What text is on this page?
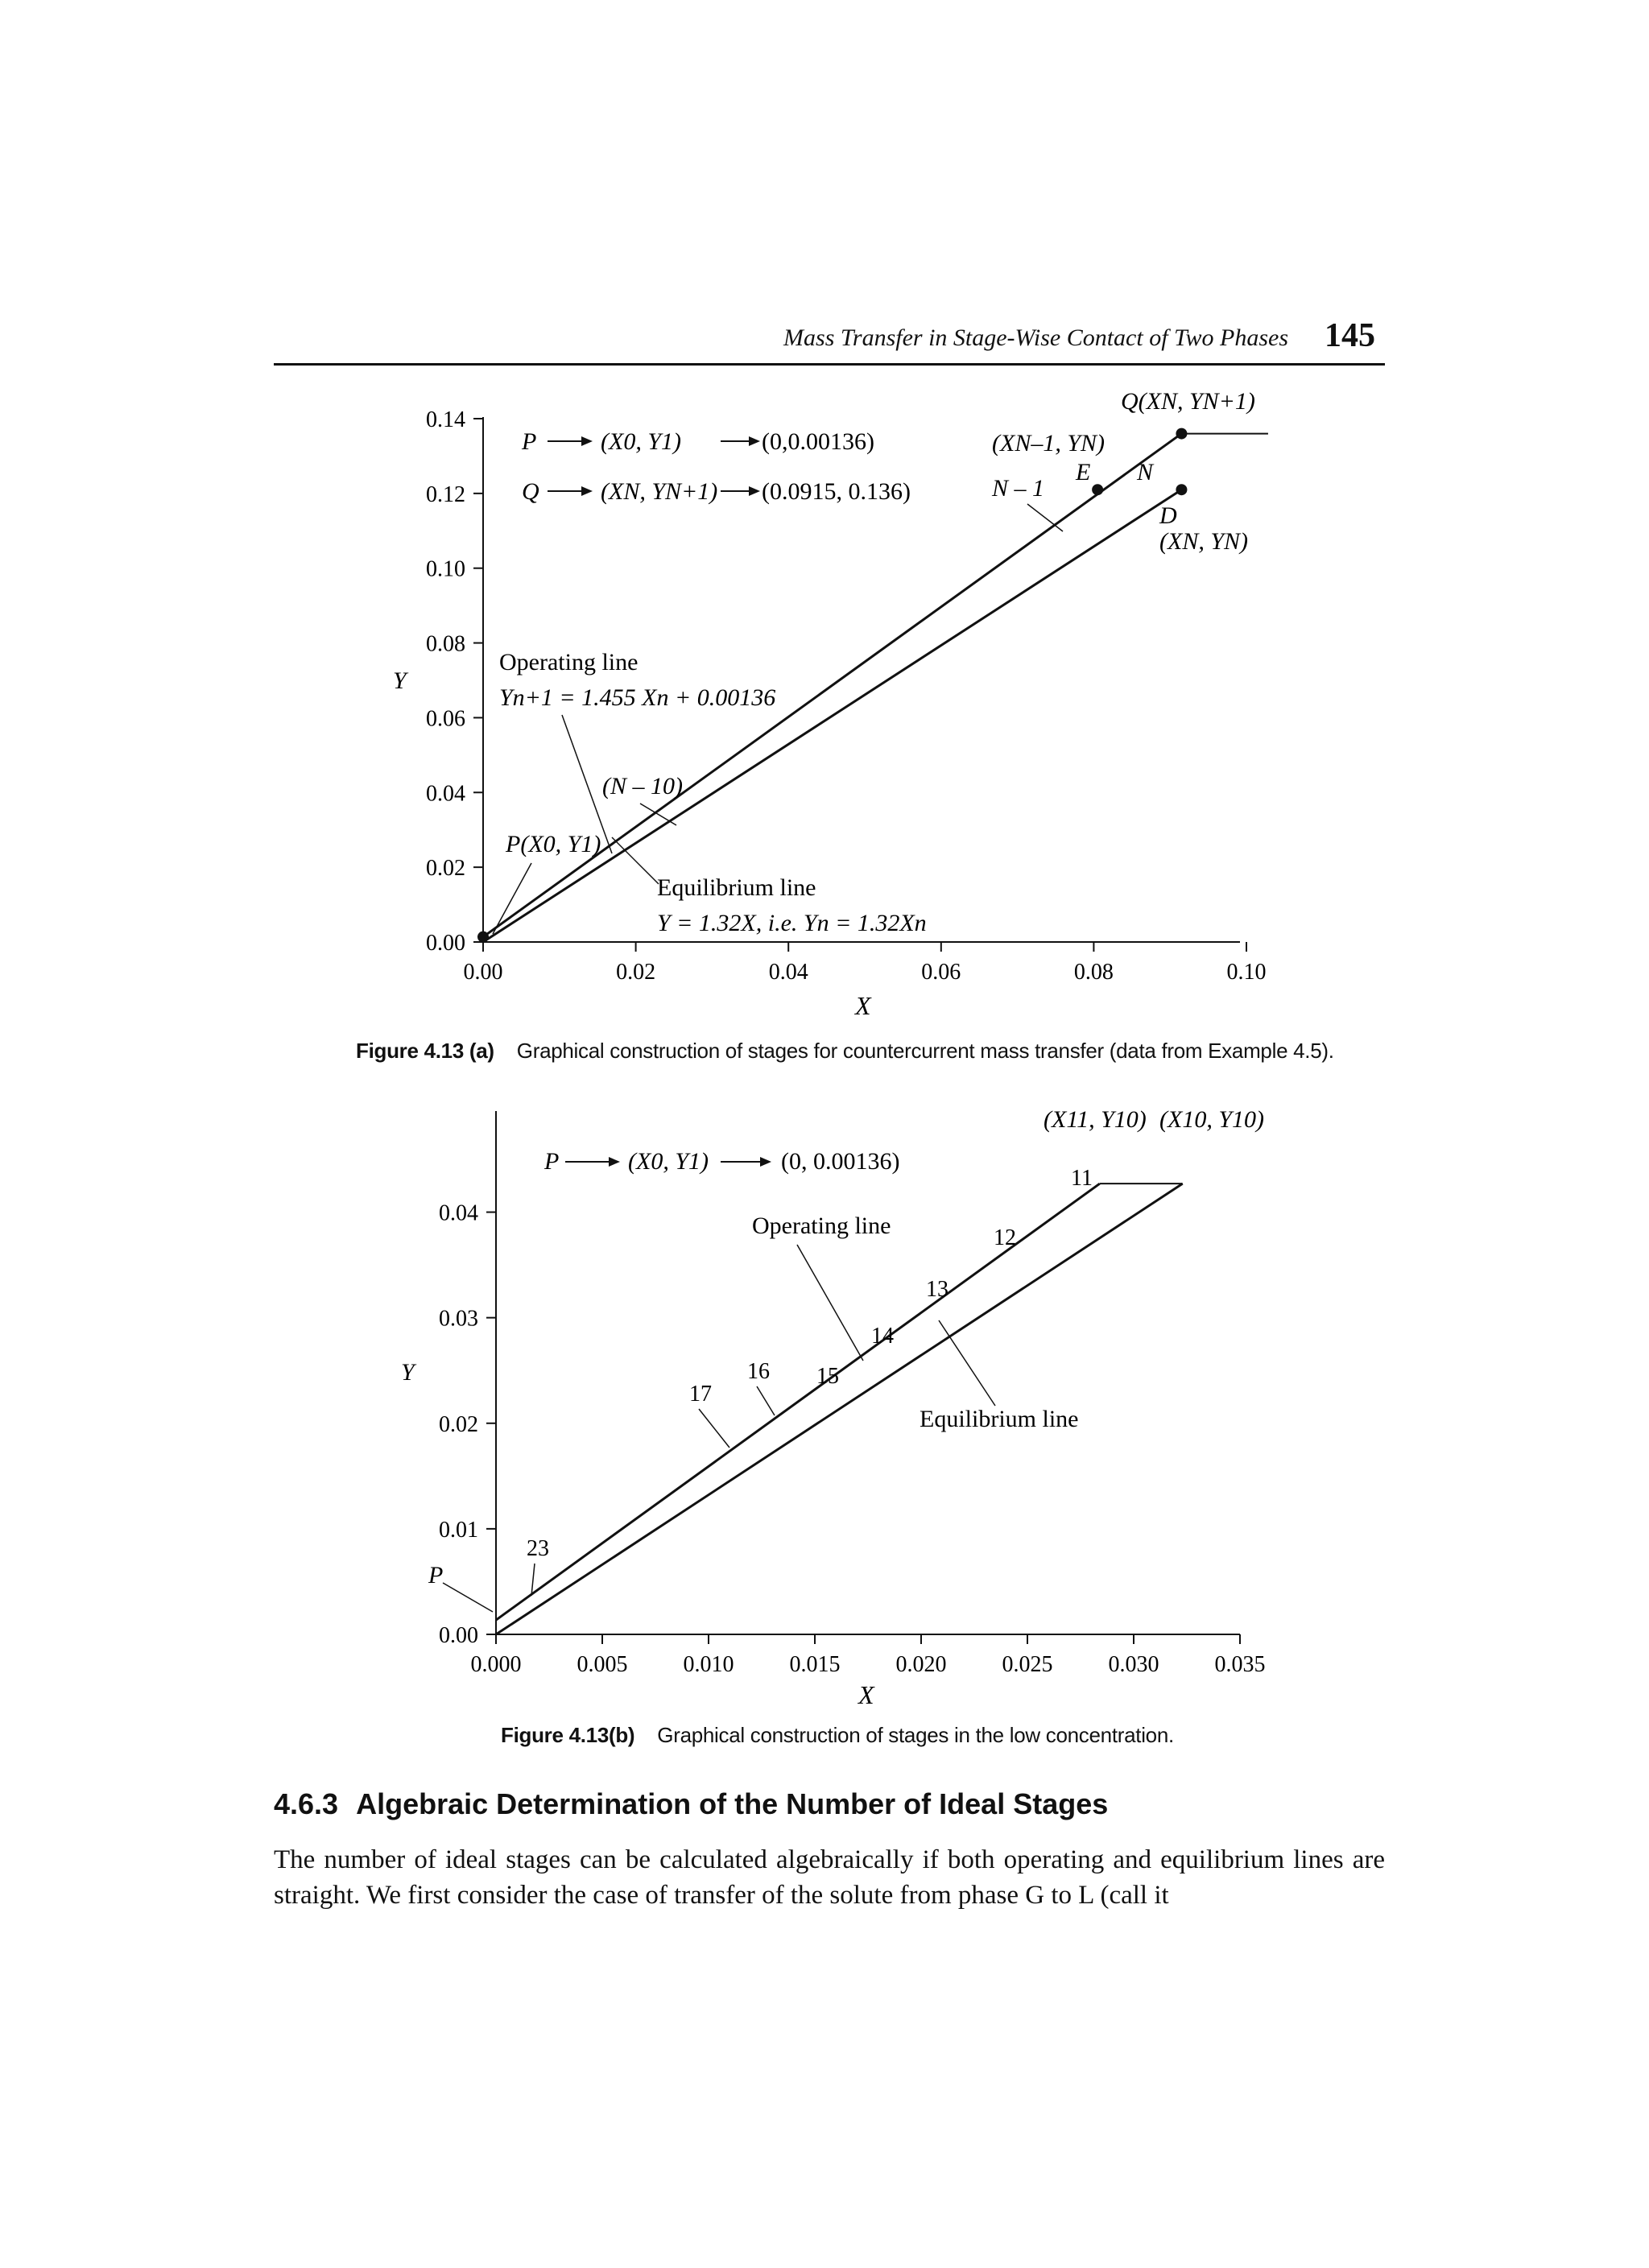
Mass Transfer in Stage-Wise Contact of Two Phases 145
0.00
0.02
0.04
0.06
0.08
0.10
0.12
0.14
0.00	0.02	0.04	0.06	0.08	0.10
Y
X
P	(X0, Y1)	(0,0.00136)
Q	(XN, YN+1) (0.0915, 0.136)
Operating line
Yn+1 = 1.455 Xn + 0.00136
Equilibrium line
Y = 1.32X, i.e. Yn = 1.32Xn
(N – 10)
P(X0, Y1)
Q(XN, YN+1)
(XN–1, YN)
E N
N – 1
D
(XN, YN)
Figure 4.13 (a) Graphical construction of stages for countercurrent mass transfer (data from Example 4.5).
0.00
0.01
0.02
0.03
0.04
0.000 0.005 0.010 0.015 0.020 0.025 0.030 0.035
Y
X
P	(X0, Y1)	(0, 0.00136)
Operating line
Equilibrium line
(X11, Y10) (X10, Y10)
11
12
13
14
15
16
17
23
P
Figure 4.13(b) Graphical construction of stages in the low concentration.
4.6.3 Algebraic Determination of the Number of Ideal Stages
The number of ideal stages can be calculated algebraically if both operating and equilibrium lines are straight. We first consider the case of transfer of the solute from phase G to L (call it
